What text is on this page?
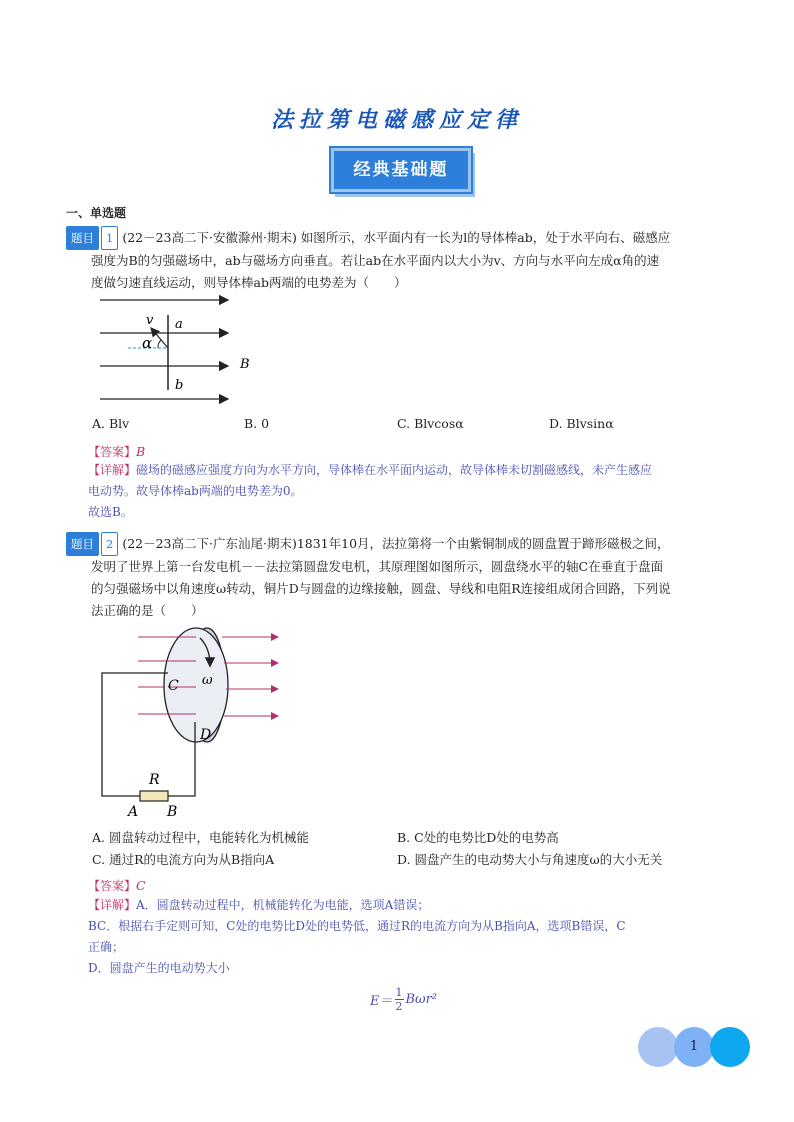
法拉第电磁感应定律
经典基础题
一、单选题
题目 1 (22－23高二下·安徽滁州·期末) 如图所示，水平面内有一长为l的导体棒ab，处于水平向右、磁感应
强度为B的匀强磁场中，ab与磁场方向垂直。若让ab在水平面内以大小为v、方向与水平向左成α角的速
度做匀速直线运动，则导体棒ab两端的电势差为（　　）
v a
α
B
b
A. Blv	B. 0	C. Blvcosα	D. Blvsinα
【答案】B
【详解】磁场的磁感应强度方向为水平方向，导体棒在水平面内运动，故导体棒未切割磁感线，未产生感应
电动势。故导体棒ab两端的电势差为0。
故选B。
题目 2 (22－23高二下·广东汕尾·期末)1831年10月，法拉第将一个由紫铜制成的圆盘置于蹄形磁极之间，
发明了世界上第一台发电机－－法拉第圆盘发电机，其原理图如图所示，圆盘绕水平的轴C在垂直于盘面
的匀强磁场中以角速度ω转动，铜片D与圆盘的边缘接触，圆盘、导线和电阻R连接组成闭合回路，下列说
法正确的是（　　）
C ω
D
R
A B
A. 圆盘转动过程中，电能转化为机械能	B. C处的电势比D处的电势高
C. 通过R的电流方向为从B指向A	D. 圆盘产生的电动势大小与角速度ω的大小无关
【答案】C
【详解】A．圆盘转动过程中，机械能转化为电能，选项A错误；
BC．根据右手定则可知，C处的电势比D处的电势低，通过R的电流方向为从B指向A，选项B错误，C
正确；
D．圆盘产生的电动势大小
E＝
1
2 Bωr²
1
